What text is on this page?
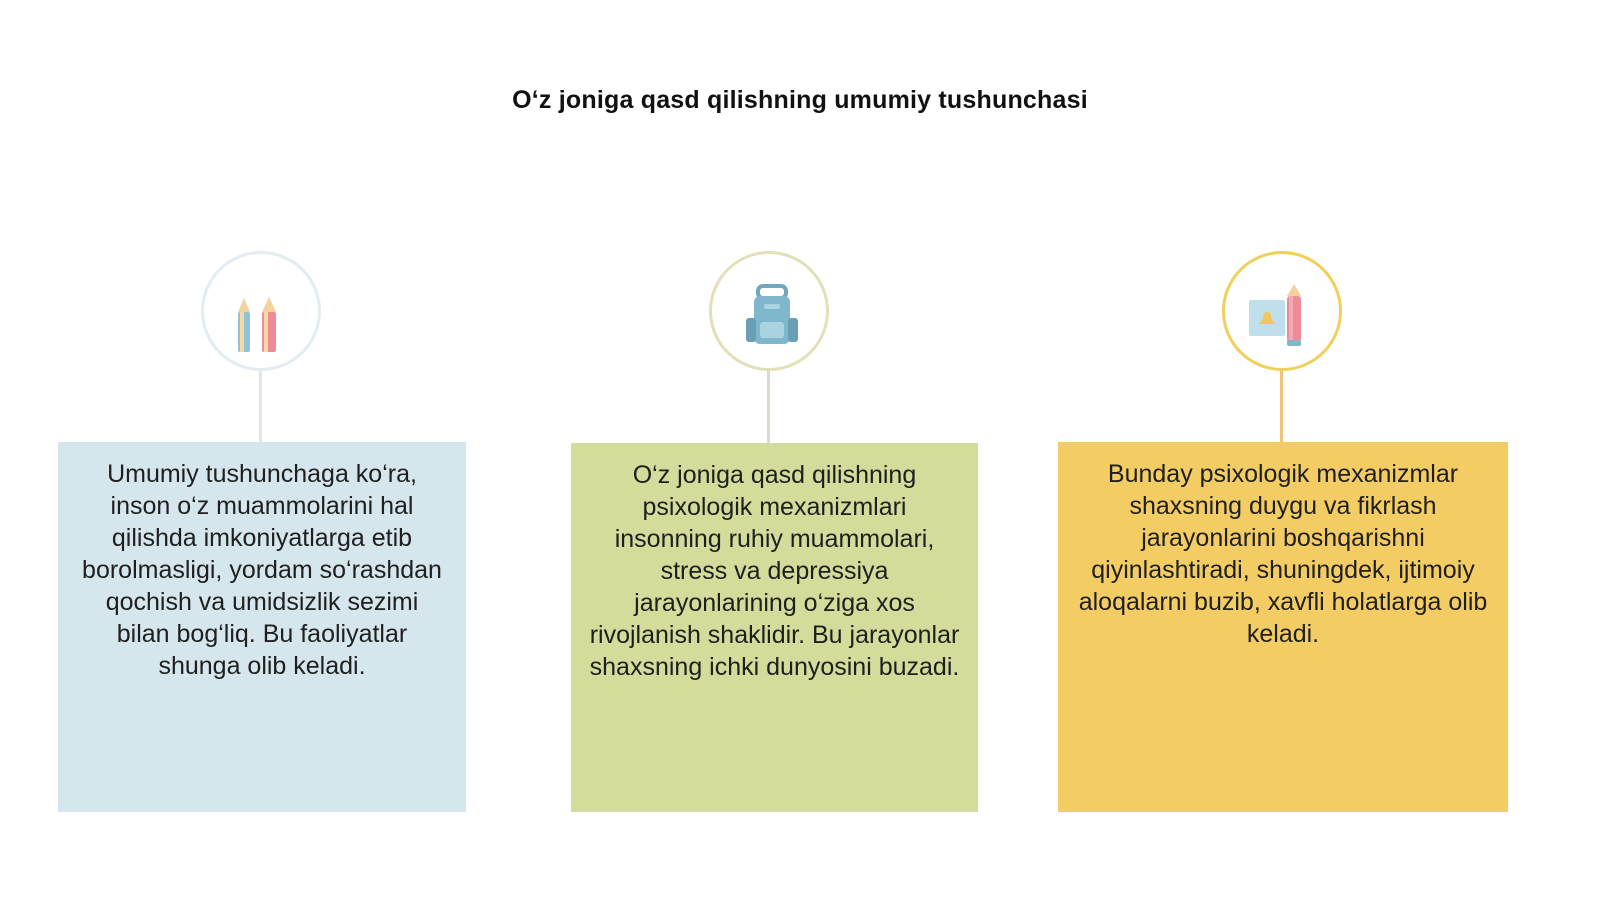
O‘z joniga qasd qilishning umumiy tushunchasi
Umumiy tushunchaga ko‘ra, inson o‘z muammolarini hal qilishda imkoniyatlarga etib borolmasligi, yordam so‘rashdan qochish va umidsizlik sezimi bilan bog‘liq. Bu faoliyatlar shunga olib keladi.
O‘z joniga qasd qilishning psixologik mexanizmlari insonning ruhiy muammolari, stress va depressiya jarayonlarining o‘ziga xos rivojlanish shaklidir. Bu jarayonlar shaxsning ichki dunyosini buzadi.
Bunday psixologik mexanizmlar shaxsning duygu va fikrlash jarayonlarini boshqarishni qiyinlashtiradi, shuningdek, ijtimoiy aloqalarni buzib, xavfli holatlarga olib keladi.
